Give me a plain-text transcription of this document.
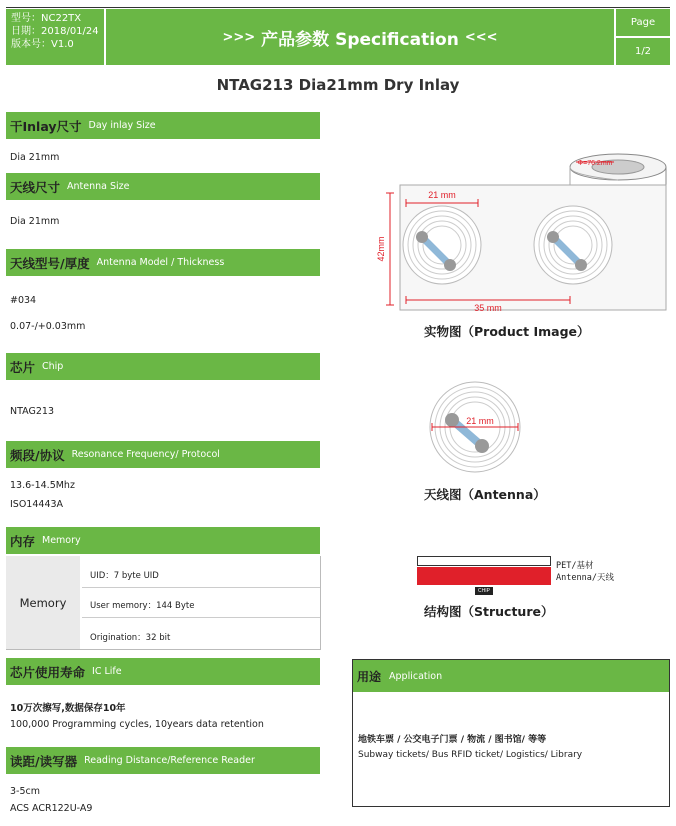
型号：NC22TX
日期：2018/01/24
版本号：V1.0	>>> 产品参数 Specification <<<
Page
1/2
NTAG213 Dia21mm Dry Inlay
干Inlay尺寸 Day inlay Size
Dia 21mm
天线尺寸 Antenna Size
Dia 21mm
天线型号/厚度 Antenna Model / Thickness
#034
0.07-/+0.03mm
芯片 Chip
NTAG213
频段/协议 Resonance Frequency/ Protocol
13.6-14.5Mhz
ISO14443A
内存 Memory
Memory
UID：7 byte UID
User memory：144 Byte
Origination：32 bit
芯片使用寿命 IC Life
10万次擦写,数据保存10年
100,000 Programming cycles, 10years data retention
读距/读写器 Reading Distance/Reference Reader
3-5cm
ACS ACR122U-A9
Φ=76.2mm
21 mm
42mm
35 mm
实物图（Product Image）
21 mm
天线图（Antenna）
CHIP
PET/基材
Antenna/天线
结构图（Structure）
用途 Application
地铁车票 / 公交电子门票 / 物流 / 图书馆/ 等等
Subway tickets/ Bus RFID ticket/ Logistics/ Library
